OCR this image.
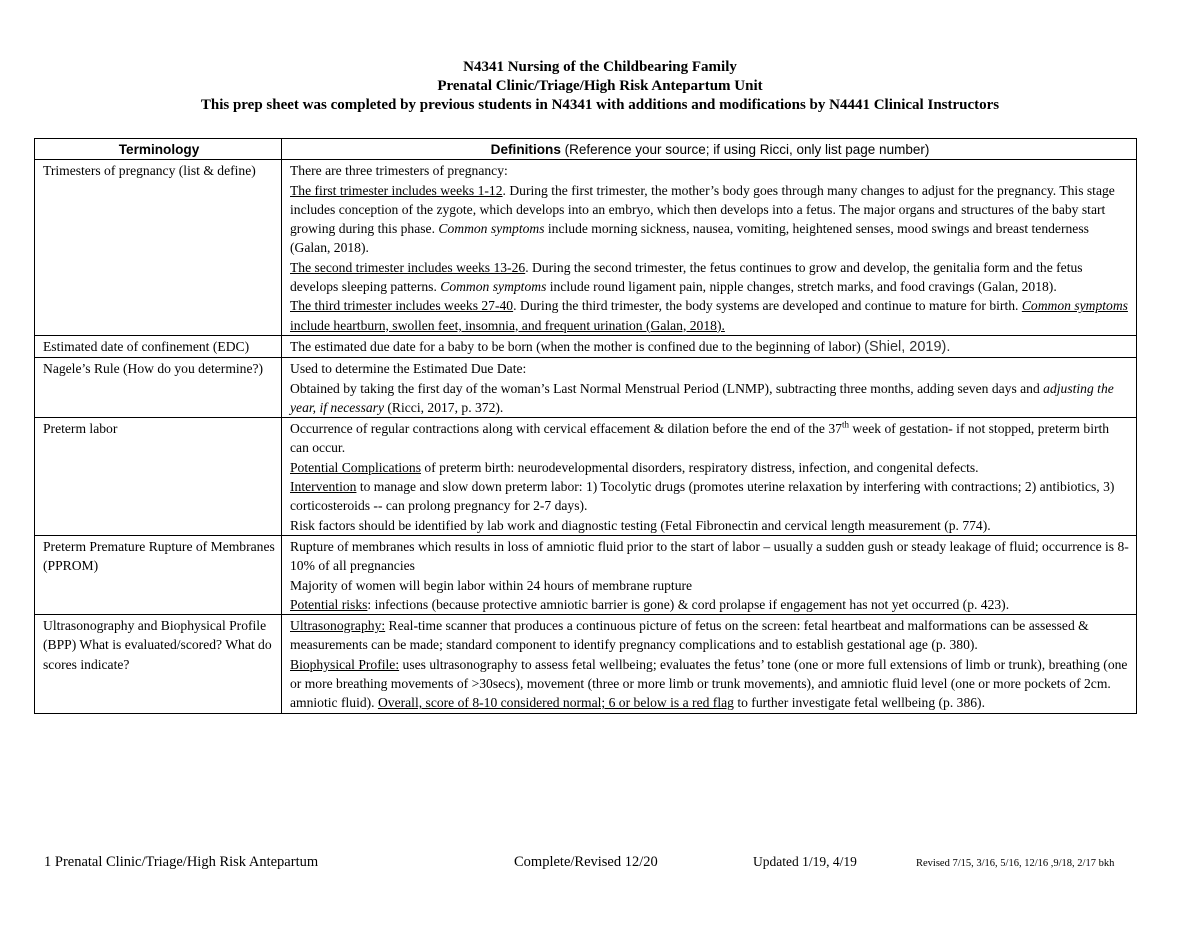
N4341 Nursing of the Childbearing Family
Prenatal Clinic/Triage/High Risk Antepartum Unit
This prep sheet was completed by previous students in N4341 with additions and modifications by N4441 Clinical Instructors
Terminology	Definitions (Reference your source; if using Ricci, only list page number)
Trimesters of pregnancy (list & define)	There are three trimesters of pregnancy:
The first trimester includes weeks 1-12. During the first trimester, the mother’s body goes through many changes to adjust for the pregnancy. This stage includes conception of the zygote, which develops into an embryo, which then develops into a fetus. The major organs and structures of the baby start growing during this phase. Common symptoms include morning sickness, nausea, vomiting, heightened senses, mood swings and breast tenderness (Galan, 2018).
The second trimester includes weeks 13-26. During the second trimester, the fetus continues to grow and develop, the genitalia form and the fetus develops sleeping patterns. Common symptoms include round ligament pain, nipple changes, stretch marks, and food cravings (Galan, 2018).
The third trimester includes weeks 27-40. During the third trimester, the body systems are developed and continue to mature for birth. Common symptoms include heartburn, swollen feet, insomnia, and frequent urination (Galan, 2018).

Estimated date of confinement (EDC)	The estimated due date for a baby to be born (when the mother is confined due to the beginning of labor) (Shiel, 2019).
Nagele’s Rule (How do you determine?)	Used to determine the Estimated Due Date:
Obtained by taking the first day of the woman’s Last Normal Menstrual Period (LNMP), subtracting three months, adding seven days and adjusting the year, if necessary (Ricci, 2017, p. 372).

Preterm labor	Occurrence of regular contractions along with cervical effacement & dilation before the end of the 37th week of gestation- if not stopped, preterm birth can occur.
Potential Complications of preterm birth: neurodevelopmental disorders, respiratory distress, infection, and congenital defects.
Intervention to manage and slow down preterm labor: 1) Tocolytic drugs (promotes uterine relaxation by interfering with contractions; 2) antibiotics, 3) corticosteroids -- can prolong pregnancy for 2-7 days).
Risk factors should be identified by lab work and diagnostic testing (Fetal Fibronectin and cervical length measurement (p. 774).

Preterm Premature Rupture of Membranes (PPROM)	Rupture of membranes which results in loss of amniotic fluid prior to the start of labor – usually a sudden gush or steady leakage of fluid; occurrence is 8-10% of all pregnancies
Majority of women will begin labor within 24 hours of membrane rupture
Potential risks: infections (because protective amniotic barrier is gone) & cord prolapse if engagement has not yet occurred (p. 423).

Ultrasonography and Biophysical Profile (BPP) What is evaluated/scored? What do scores indicate?	Ultrasonography: Real-time scanner that produces a continuous picture of fetus on the screen: fetal heartbeat and malformations can be assessed & measurements can be made; standard component to identify pregnancy complications and to establish gestational age (p. 380).
Biophysical Profile: uses ultrasonography to assess fetal wellbeing; evaluates the fetus’ tone (one or more full extensions of limb or trunk), breathing (one or more breathing movements of >30secs), movement (three or more limb or trunk movements), and amniotic fluid level (one or more pockets of 2cm. amniotic fluid). Overall, score of 8-10 considered normal; 6 or below is a red flag to further investigate fetal wellbeing (p. 386).
1 Prenatal Clinic/Triage/High Risk Antepartum	Complete/Revised 12/20	Updated 1/19, 4/19	Revised 7/15, 3/16, 5/16, 12/16 ,9/18, 2/17 bkh
